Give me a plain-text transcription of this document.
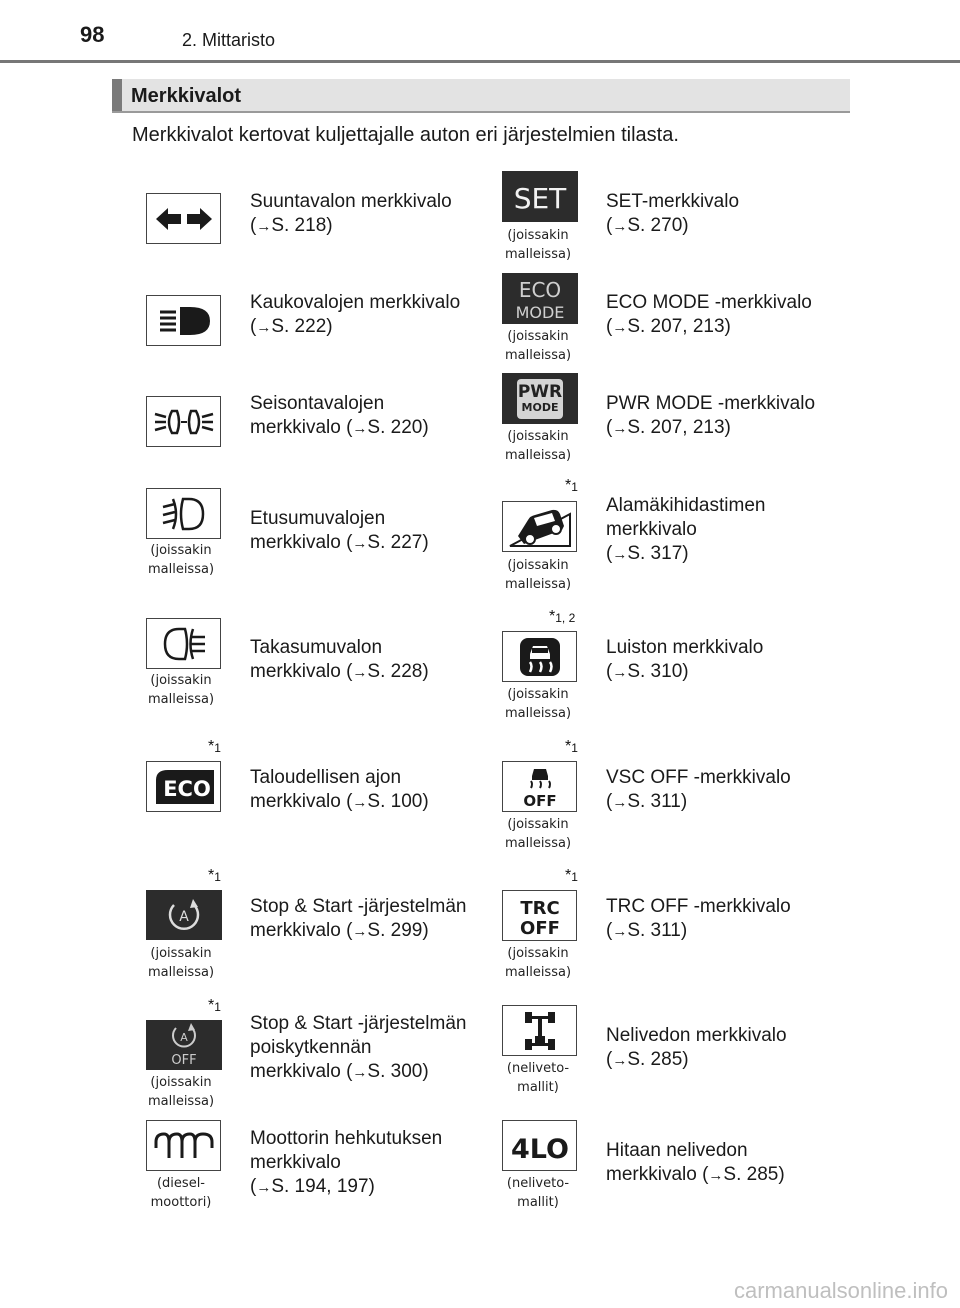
98	2. Mittaristo
Merkkivalot
Merkkivalot kertovat kuljettajalle auton eri järjestelmien tilasta.
Suuntavalon merkkivalo
(→S. 218)
Kaukovalojen merkkivalo
(→S. 222)
Seisontavalojen
merkkivalo (→S. 220)
(joissakin
malleissa)
Etusumuvalojen
merkkivalo (→S. 227)
(joissakin
malleissa)
Takasumuvalon
merkkivalo (→S. 228)
*$^1$
ECO Taloudellisen ajon
merkkivalo (→S. 100)
*$^1$
A
(joissakin
malleissa)
Stop & Start -järjestelmän
merkkivalo (→S. 299)
*$^1$
A
OFF
(joissakin
malleissa)
Stop & Start -järjestelmän
poiskytkennän
merkkivalo (→S. 300)
(diesel-
moottori)
Moottorin hehkutuksen
merkkivalo
(→S. 194, 197)
SET
(joissakin
malleissa)
SET-merkkivalo
(→S. 270)
ECO
MODE
(joissakin
malleissa)
ECO MODE -merkkivalo
(→S. 207, 213)
PWR
MODE
(joissakin
malleissa)
PWR MODE -merkkivalo
(→S. 207, 213)
*$^1$
(joissakin
malleissa)
Alamäkihidastimen
merkkivalo
(→S. 317)
*$^{1, 2}$
(joissakin
malleissa)
Luiston merkkivalo
(→S. 310)
*$^1$
OFF
(joissakin
malleissa)
VSC OFF -merkkivalo
(→S. 311)
*$^1$
TRC
OFF
(joissakin
malleissa)
TRC OFF -merkkivalo
(→S. 311)
(neliveto-
mallit)
Nelivedon merkkivalo
(→S. 285)
4LO
(neliveto-
mallit)
Hitaan nelivedon
merkkivalo (→S. 285)
carmanualsonline.info
